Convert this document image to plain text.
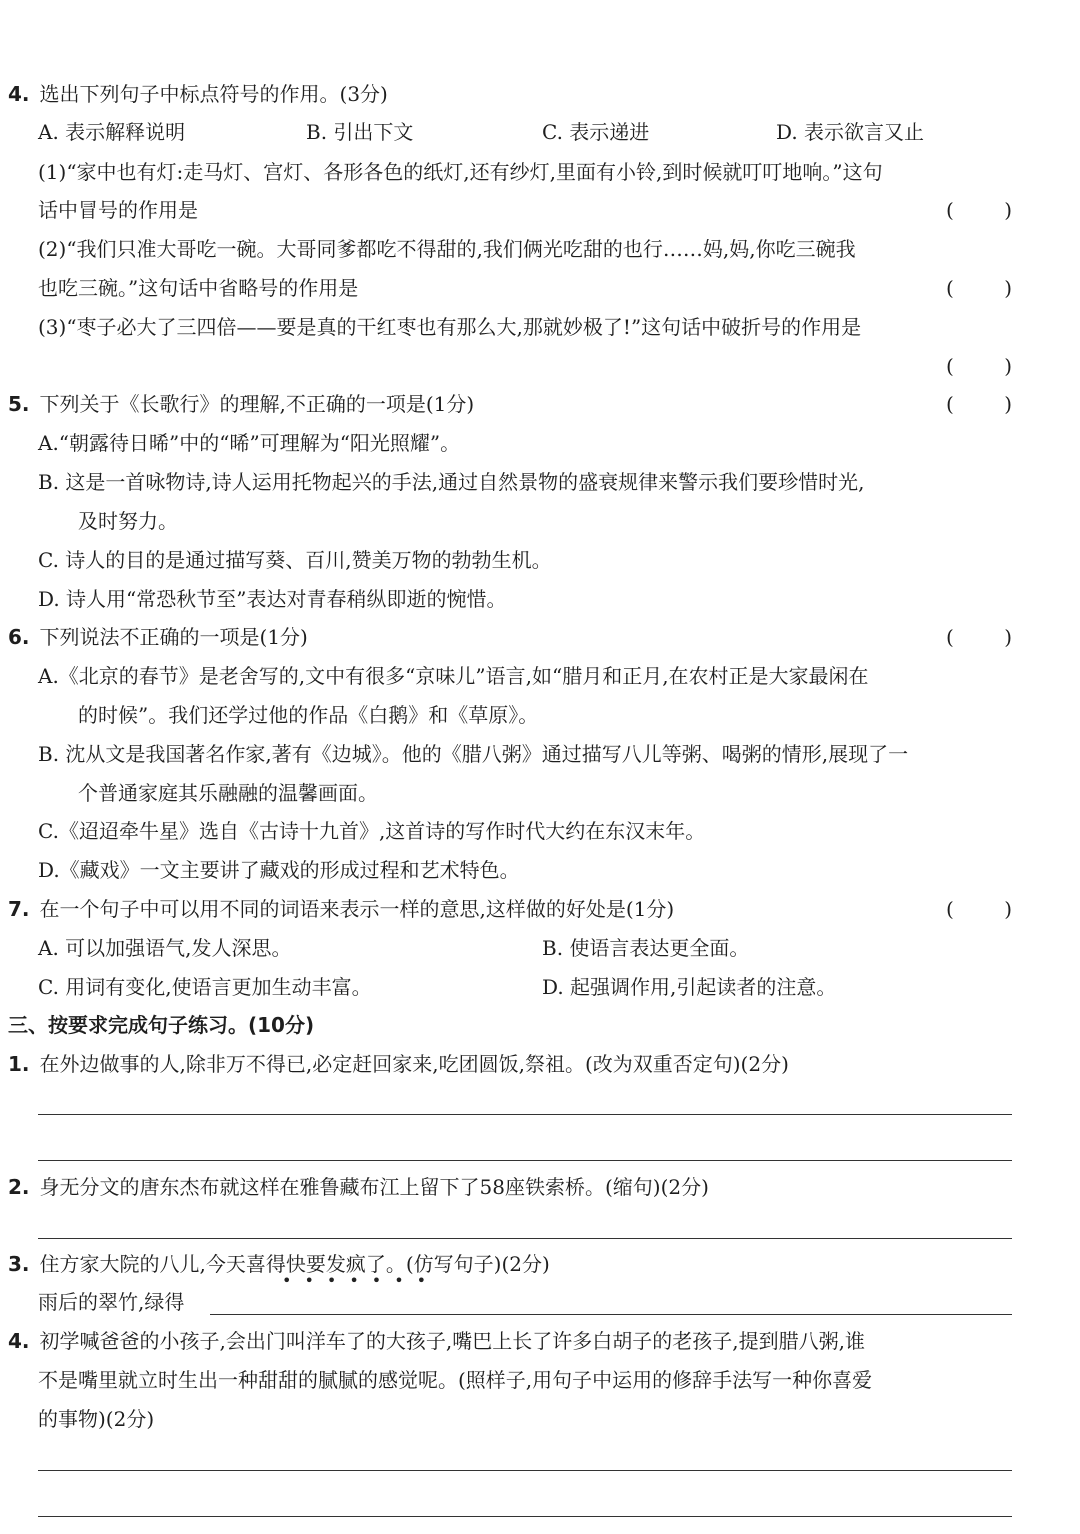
4. 选出下列句子中标点符号的作用。(3分)
A. 表示解释说明	B. 引出下文	C. 表示递进	D. 表示欲言又止
(1)“家中也有灯:走马灯、宫灯、各形各色的纸灯,还有纱灯,里面有小铃,到时候就叮叮地响。”这句
话中冒号的作用是	(	)
(2)“我们只准大哥吃一碗。大哥同爹都吃不得甜的,我们俩光吃甜的也行……妈,妈,你吃三碗我
也吃三碗。”这句话中省略号的作用是	(	)
(3)“枣子必大了三四倍——要是真的干红枣也有那么大,那就妙极了!”这句话中破折号的作用是
(	)
5. 下列关于《长歌行》的理解,不正确的一项是(1分)	(	)
A.“朝露待日晞”中的“晞”可理解为“阳光照耀”。
B. 这是一首咏物诗,诗人运用托物起兴的手法,通过自然景物的盛衰规律来警示我们要珍惜时光,
及时努力。
C. 诗人的目的是通过描写葵、百川,赞美万物的勃勃生机。
D. 诗人用“常恐秋节至”表达对青春稍纵即逝的惋惜。
6. 下列说法不正确的一项是(1分)	(	)
A.《北京的春节》是老舍写的,文中有很多“京味儿”语言,如“腊月和正月,在农村正是大家最闲在
的时候”。我们还学过他的作品《白鹅》和《草原》。
B. 沈从文是我国著名作家,著有《边城》。他的《腊八粥》通过描写八儿等粥、喝粥的情形,展现了一
个普通家庭其乐融融的温馨画面。
C.《迢迢牵牛星》选自《古诗十九首》,这首诗的写作时代大约在东汉末年。
D.《藏戏》一文主要讲了藏戏的形成过程和艺术特色。
7. 在一个句子中可以用不同的词语来表示一样的意思,这样做的好处是(1分)	(	)
A. 可以加强语气,发人深思。	B. 使语言表达更全面。
C. 用词有变化,使语言更加生动丰富。	D. 起强调作用,引起读者的注意。
三、按要求完成句子练习。(10分)
1. 在外边做事的人,除非万不得已,必定赶回家来,吃团圆饭,祭祖。(改为双重否定句)(2分)
2. 身无分文的唐东杰布就这样在雅鲁藏布江上留下了58座铁索桥。(缩句)(2分)
3. 住方家大院的八儿,今天喜得快要发疯了。(仿写句子)(2分)
•••••••
雨后的翠竹,绿得
4. 初学喊爸爸的小孩子,会出门叫洋车了的大孩子,嘴巴上长了许多白胡子的老孩子,提到腊八粥,谁
不是嘴里就立时生出一种甜甜的腻腻的感觉呢。(照样子,用句子中运用的修辞手法写一种你喜爱
的事物)(2分)
